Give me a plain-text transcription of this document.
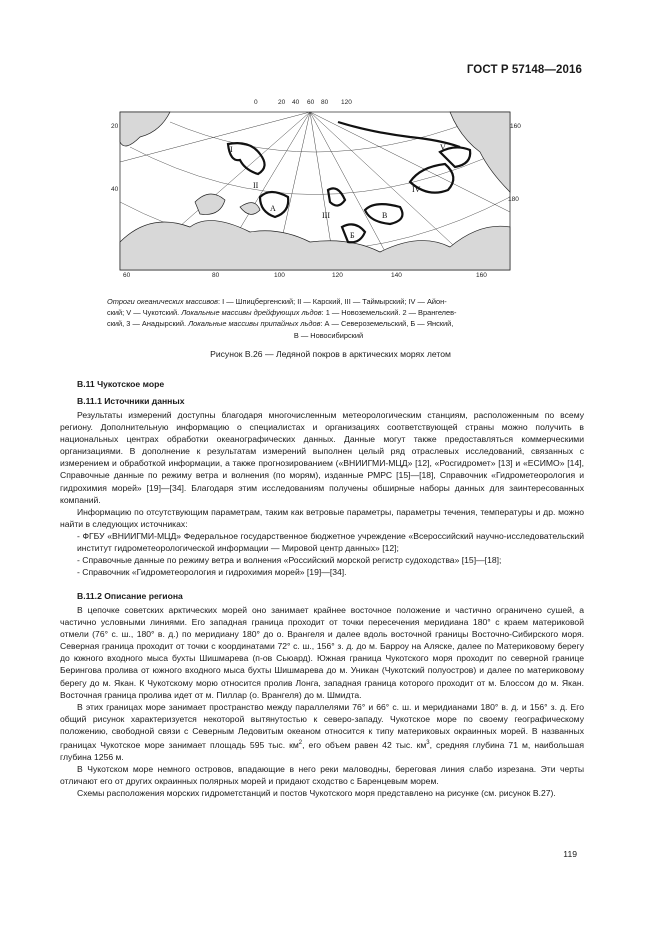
ГОСТ Р 57148—2016
0	20 40 60 80 120
20
40
160
180
60	80	100	120	140	160
I
II
III
IV
V
A
Б
В
Отроги океанических массивов: I — Шпицбергенский; II — Карский, III — Таймырский; IV — Айон-
ский; V — Чукотский. Локальные массивы дрейфующих льдов: 1 — Новоземельский. 2 — Врангелев-
ский, 3 — Анадырский. Локальные массивы припайных льдов: А — Североземельский, Б — Янский,
В — Новосибирский
Рисунок В.26 — Ледяной покров в арктических морях летом
В.11 Чукотское море
В.11.1 Источники данных

Результаты измерений доступны благодаря многочисленным метеорологическим станциям, расположенным по всему региону. Дополнительную информацию о специалистах и организациях соответствующей страны можно получить в национальных центрах обработки океанографических данных. Данные могут также предоставляться коммерческими организациями. В дополнение к результатам измерений выполнен целый ряд отраслевых исследований, связанных с измерением и обработкой информации, а также прогнозированием («ВНИИГМИ-МЦД» [12], «Росгидромет» [13] и «ЕСИМО» [14], Справочные данные по режиму ветра и волнения (по морям), изданные РМРС [15]—[18], Справочник «Гидрометеорология и гидрохимия морей» [19]—[34]. Благодаря этим исследованиям получены обширные наборы данных для заинтересованных компаний.

Информацию по отсутствующим параметрам, таким как ветровые параметры, параметры течения, температуры и др. можно найти в следующих источниках:

- ФГБУ «ВНИИГМИ-МЦД» Федеральное государственное бюджетное учреждение «Всероссийский научно-исследовательский институт гидрометеорологической информации — Мировой центр данных» [12];

- Справочные данные по режиму ветра и волнения «Российский морской регистр судоходства» [15]—[18];

- Справочник «Гидрометеорология и гидрохимия морей» [19]—[34].

В.11.2 Описание региона

В цепочке советских арктических морей оно занимает крайнее восточное положение и частично ограничено сушей, а частично условными линиями. Его западная граница проходит от точки пересечения меридиана 180° с краем материковой отмели (76° с. ш., 180° в. д.) по меридиану 180° до о. Врангеля и далее вдоль восточной границы Восточно-Сибирского моря. Северная граница проходит от точки с координатами 72° с. ш., 156° з. д. до м. Барроу на Аляске, далее по Материковому берегу до южного входного мыса бухты Шишмарева (п-ов Сьюард). Южная граница Чукотского моря проходит по северной границе Берингова пролива от южного входного мыса бухты Шишмарева до м. Уникан (Чукотский полуостров) и далее по материковому берегу до м. Якан. К Чукотскому морю относится пролив Лонга, западная граница которого проходит от м. Блоссом до м. Якан. Восточная граница пролива идет от м. Пиллар (о. Врангеля) до м. Шмидта.

В этих границах море занимает пространство между параллелями 76° и 66° с. ш. и меридианами 180° в. д. и 156° з. д. Его общий рисунок характеризуется некоторой вытянутостью к северо-западу. Чукотское море по своему географическому положению, свободной связи с Северным Ледовитым океаном относится к типу материковых окраинных морей. В названных границах Чукотское море занимает площадь 595 тыс. $км^2$, его объем равен 42 тыс. $км^3$, средняя глубина 71 м, наибольшая глубина 1256 м.

В Чукотском море немного островов, впадающие в него реки маловодны, береговая линия слабо изрезана. Эти черты отличают его от других окраинных полярных морей и придают сходство с Баренцевым морем.

Схемы расположения морских гидрометстанций и постов Чукотского моря представлено на рисунке (см. рисунок В.27).

119
